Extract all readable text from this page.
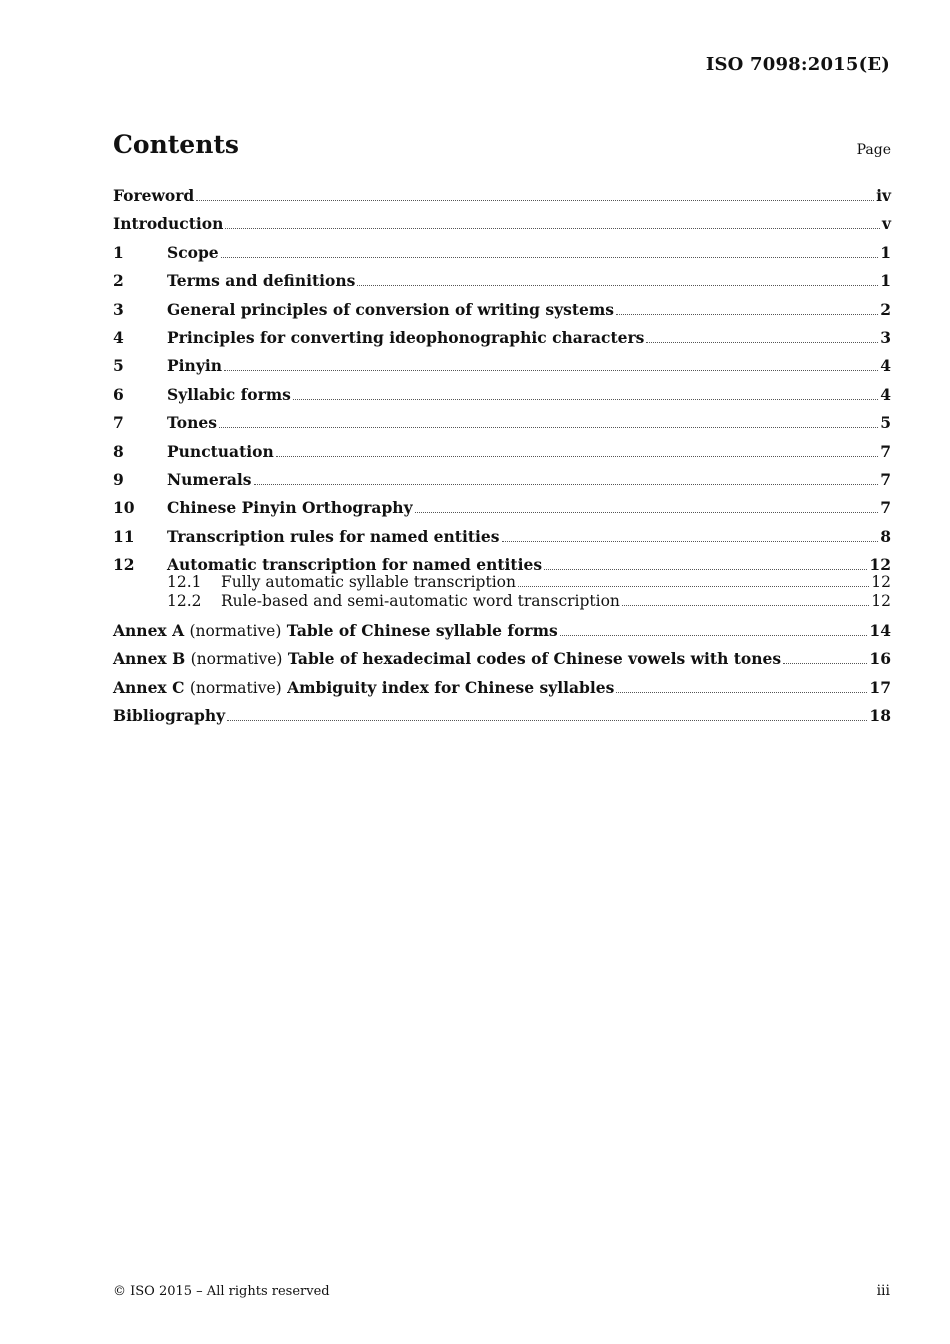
ISO 7098:2015(E)
Contents	Page
Foreword	iv
Introduction	v
1	Scope	1
2	Terms and definitions	1
3	General principles of conversion of writing systems	2
4	Principles for converting ideophonographic characters	3
5	Pinyin	4
6	Syllabic forms	4
7	Tones	5
8	Punctuation	7
9	Numerals	7
10	Chinese Pinyin Orthography	7
11	Transcription rules for named entities	8
12	Automatic transcription for named entities	12
12.1	Fully automatic syllable transcription	12
12.2	Rule-based and semi-automatic word transcription	12
Annex A (normative) Table of Chinese syllable forms	14
Annex B (normative) Table of hexadecimal codes of Chinese vowels with tones	16
Annex C (normative) Ambiguity index for Chinese syllables	17
Bibliography	18
© ISO 2015 – All rights reserved	iii
